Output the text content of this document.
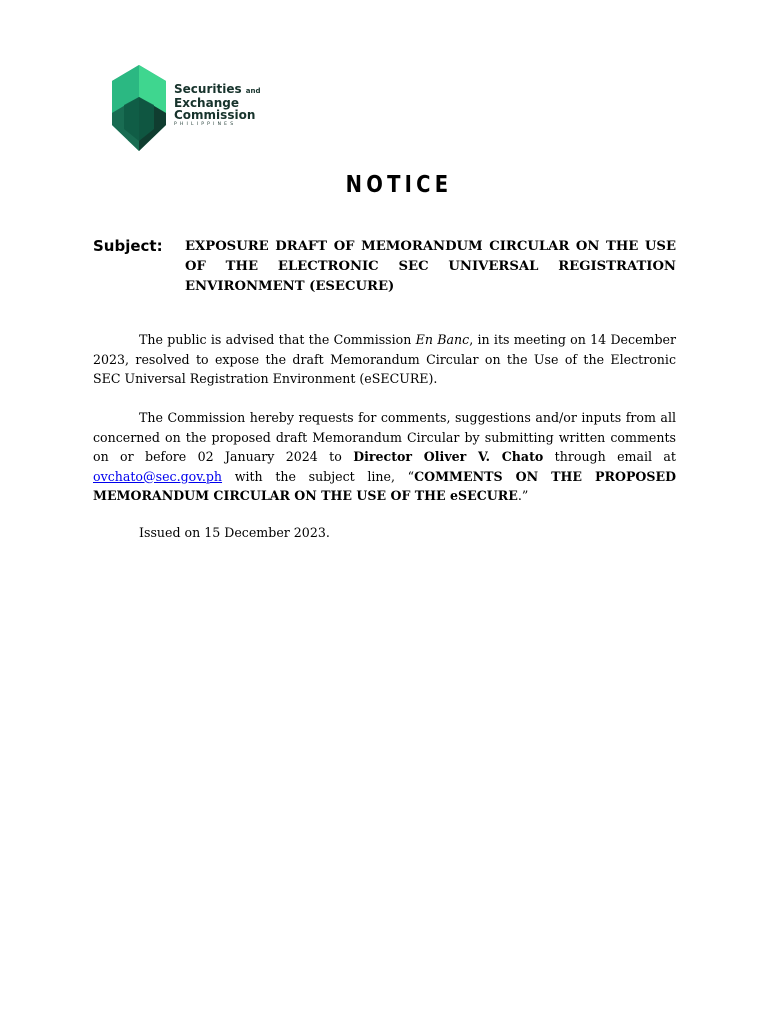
Securities and
Exchange
Commission
PHILIPPINES
NOTICE
Subject: EXPOSURE DRAFT OF MEMORANDUM CIRCULAR ON THE USE OF THE ELECTRONIC SEC UNIVERSAL REGISTRATION ENVIRONMENT (ESECURE)

The public is advised that the Commission En Banc, in its meeting on 14 December 2023, resolved to expose the draft Memorandum Circular on the Use of the Electronic SEC Universal Registration Environment (eSECURE).

The Commission hereby requests for comments, suggestions and/or inputs from all concerned on the proposed draft Memorandum Circular by submitting written comments on or before 02 January 2024 to Director Oliver V. Chato through email at ovchato@sec.gov.ph with the subject line, “COMMENTS ON THE PROPOSED MEMORANDUM CIRCULAR ON THE USE OF THE eSECURE.”

Issued on 15 December 2023.
